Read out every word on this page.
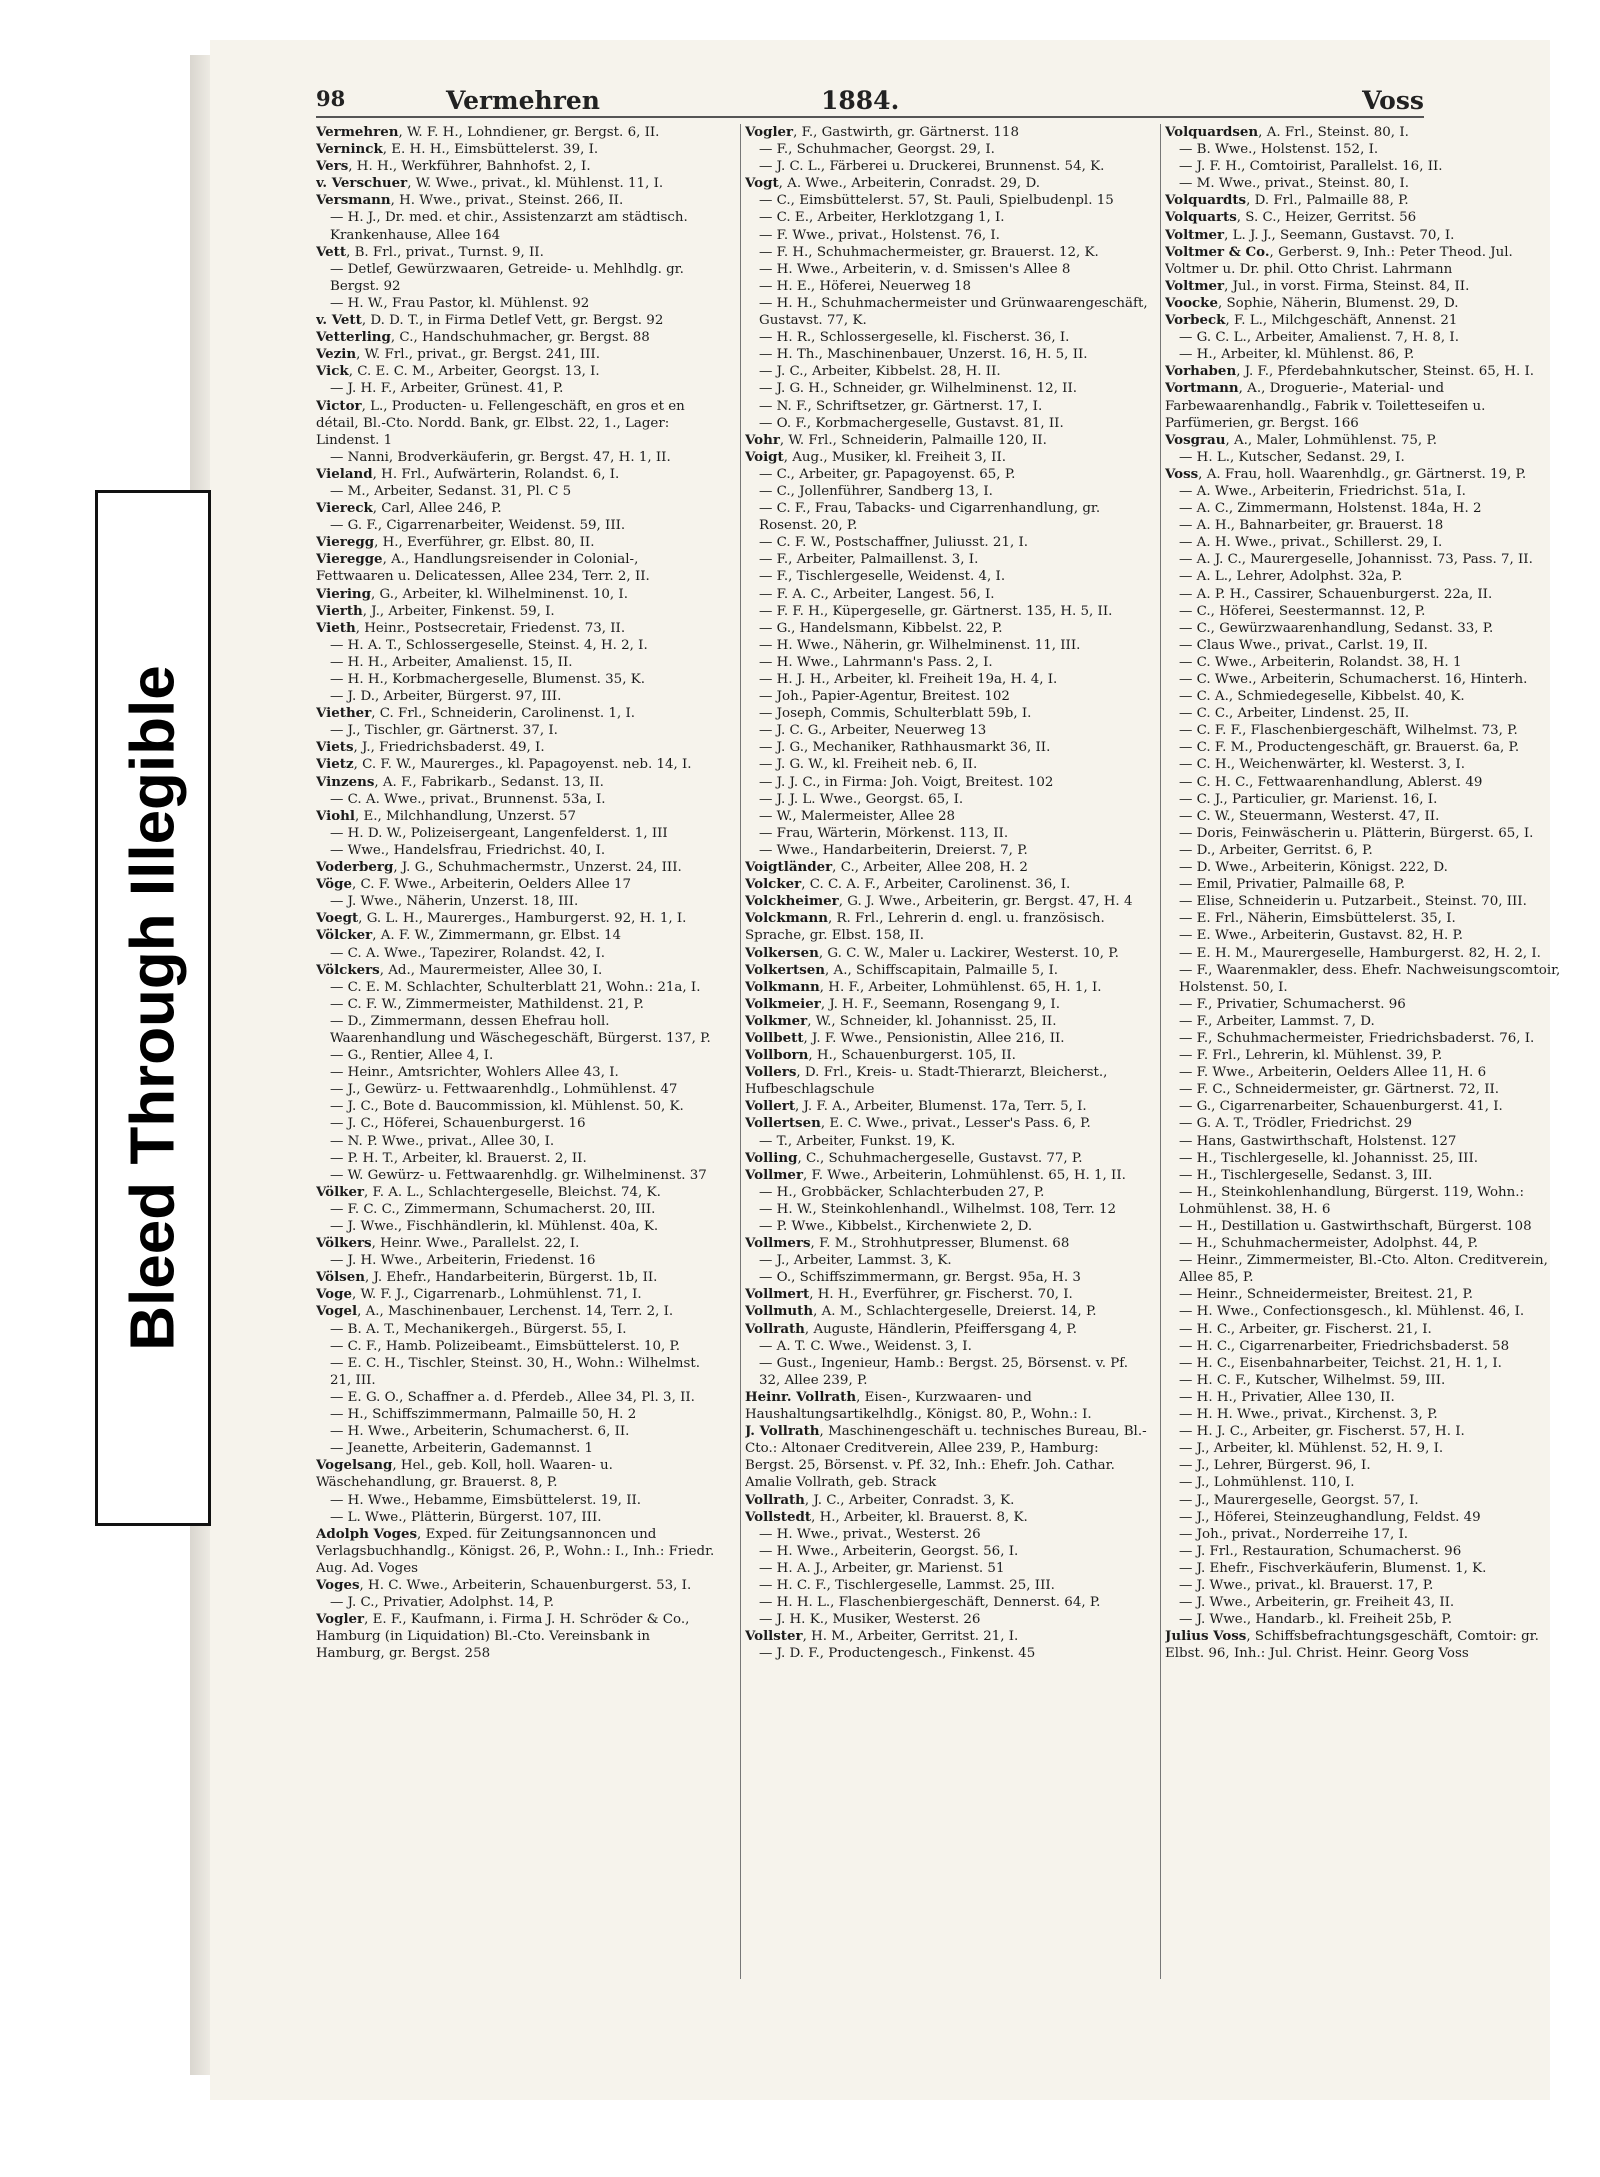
Bleed Through Illegible
98	Vermehren	1884.	Voss

Vermehren, W. F. H., Lohndiener, gr. Bergst. 6, II.

Verninck, E. H. H., Eimsbüttelerst. 39, I.

Vers, H. H., Werkführer, Bahnhofst. 2, I.

v. Verschuer, W. Wwe., privat., kl. Mühlenst. 11, I.

Versmann, H. Wwe., privat., Steinst. 266, II.

— H. J., Dr. med. et chir., Assistenzarzt am städtisch. Krankenhause, Allee 164

Vett, B. Frl., privat., Turnst. 9, II.

— Detlef, Gewürzwaaren, Getreide- u. Mehlhdlg. gr. Bergst. 92

— H. W., Frau Pastor, kl. Mühlenst. 92

v. Vett, D. D. T., in Firma Detlef Vett, gr. Bergst. 92

Vetterling, C., Handschuhmacher, gr. Bergst. 88

Vezin, W. Frl., privat., gr. Bergst. 241, III.

Vick, C. E. C. M., Arbeiter, Georgst. 13, I.

— J. H. F., Arbeiter, Grünest. 41, P.

Victor, L., Producten- u. Fellengeschäft, en gros et en détail, Bl.-Cto. Nordd. Bank, gr. Elbst. 22, 1., Lager: Lindenst. 1

— Nanni, Brodverkäuferin, gr. Bergst. 47, H. 1, II.

Vieland, H. Frl., Aufwärterin, Rolandst. 6, I.

— M., Arbeiter, Sedanst. 31, Pl. C 5

Viereck, Carl, Allee 246, P.

— G. F., Cigarrenarbeiter, Weidenst. 59, III.

Vieregg, H., Everführer, gr. Elbst. 80, II.

Vieregge, A., Handlungsreisender in Colonial-, Fettwaaren u. Delicatessen, Allee 234, Terr. 2, II.

Viering, G., Arbeiter, kl. Wilhelminenst. 10, I.

Vierth, J., Arbeiter, Finkenst. 59, I.

Vieth, Heinr., Postsecretair, Friedenst. 73, II.

— H. A. T., Schlossergeselle, Steinst. 4, H. 2, I.

— H. H., Arbeiter, Amalienst. 15, II.

— H. H., Korbmachergeselle, Blumenst. 35, K.

— J. D., Arbeiter, Bürgerst. 97, III.

Viether, C. Frl., Schneiderin, Carolinenst. 1, I.

— J., Tischler, gr. Gärtnerst. 37, I.

Viets, J., Friedrichsbaderst. 49, I.

Vietz, C. F. W., Maurerges., kl. Papagoyenst. neb. 14, I.

Vinzens, A. F., Fabrikarb., Sedanst. 13, II.

— C. A. Wwe., privat., Brunnenst. 53a, I.

Viohl, E., Milchhandlung, Unzerst. 57

— H. D. W., Polizeisergeant, Langenfelderst. 1, III

— Wwe., Handelsfrau, Friedrichst. 40, I.

Voderberg, J. G., Schuhmachermstr., Unzerst. 24, III.

Vöge, C. F. Wwe., Arbeiterin, Oelders Allee 17

— J. Wwe., Näherin, Unzerst. 18, III.

Voegt, G. L. H., Maurerges., Hamburgerst. 92, H. 1, I.

Völcker, A. F. W., Zimmermann, gr. Elbst. 14

— C. A. Wwe., Tapezirer, Rolandst. 42, I.

Völckers, Ad., Maurermeister, Allee 30, I.

— C. E. M. Schlachter, Schulterblatt 21, Wohn.: 21a, I.

— C. F. W., Zimmermeister, Mathildenst. 21, P.

— D., Zimmermann, dessen Ehefrau holl. Waarenhandlung und Wäschegeschäft, Bürgerst. 137, P.

— G., Rentier, Allee 4, I.

— Heinr., Amtsrichter, Wohlers Allee 43, I.

— J., Gewürz- u. Fettwaarenhdlg., Lohmühlenst. 47

— J. C., Bote d. Baucommission, kl. Mühlenst. 50, K.

— J. C., Höferei, Schauenburgerst. 16

— N. P. Wwe., privat., Allee 30, I.

— P. H. T., Arbeiter, kl. Brauerst. 2, II.

— W. Gewürz- u. Fettwaarenhdlg. gr. Wilhelminenst. 37

Völker, F. A. L., Schlachtergeselle, Bleichst. 74, K.

— F. C. C., Zimmermann, Schumacherst. 20, III.

— J. Wwe., Fischhändlerin, kl. Mühlenst. 40a, K.

Völkers, Heinr. Wwe., Parallelst. 22, I.

— J. H. Wwe., Arbeiterin, Friedenst. 16

Völsen, J. Ehefr., Handarbeiterin, Bürgerst. 1b, II.

Voge, W. F. J., Cigarrenarb., Lohmühlenst. 71, I.

Vogel, A., Maschinenbauer, Lerchenst. 14, Terr. 2, I.

— B. A. T., Mechanikergeh., Bürgerst. 55, I.

— C. F., Hamb. Polizeibeamt., Eimsbüttelerst. 10, P.

— E. C. H., Tischler, Steinst. 30, H., Wohn.: Wilhelmst. 21, III.

— E. G. O., Schaffner a. d. Pferdeb., Allee 34, Pl. 3, II.

— H., Schiffszimmermann, Palmaille 50, H. 2

— H. Wwe., Arbeiterin, Schumacherst. 6, II.

— Jeanette, Arbeiterin, Gademannst. 1

Vogelsang, Hel., geb. Koll, holl. Waaren- u. Wäschehandlung, gr. Brauerst. 8, P.

— H. Wwe., Hebamme, Eimsbüttelerst. 19, II.

— L. Wwe., Plätterin, Bürgerst. 107, III.

Adolph Voges, Exped. für Zeitungsannoncen und Verlagsbuchhandlg., Königst. 26, P., Wohn.: I., Inh.: Friedr. Aug. Ad. Voges

Voges, H. C. Wwe., Arbeiterin, Schauenburgerst. 53, I.

— J. C., Privatier, Adolphst. 14, P.

Vogler, E. F., Kaufmann, i. Firma J. H. Schröder & Co., Hamburg (in Liquidation) Bl.-Cto. Vereinsbank in Hamburg, gr. Bergst. 258

Vogler, F., Gastwirth, gr. Gärtnerst. 118

— F., Schuhmacher, Georgst. 29, I.

— J. C. L., Färberei u. Druckerei, Brunnenst. 54, K.

Vogt, A. Wwe., Arbeiterin, Conradst. 29, D.

— C., Eimsbüttelerst. 57, St. Pauli, Spielbudenpl. 15

— C. E., Arbeiter, Herklotzgang 1, I.

— F. Wwe., privat., Holstenst. 76, I.

— F. H., Schuhmachermeister, gr. Brauerst. 12, K.

— H. Wwe., Arbeiterin, v. d. Smissen's Allee 8

— H. E., Höferei, Neuerweg 18

— H. H., Schuhmachermeister und Grünwaarengeschäft, Gustavst. 77, K.

— H. R., Schlossergeselle, kl. Fischerst. 36, I.

— H. Th., Maschinenbauer, Unzerst. 16, H. 5, II.

— J. C., Arbeiter, Kibbelst. 28, H. II.

— J. G. H., Schneider, gr. Wilhelminenst. 12, II.

— N. F., Schriftsetzer, gr. Gärtnerst. 17, I.

— O. F., Korbmachergeselle, Gustavst. 81, II.

Vohr, W. Frl., Schneiderin, Palmaille 120, II.

Voigt, Aug., Musiker, kl. Freiheit 3, II.

— C., Arbeiter, gr. Papagoyenst. 65, P.

— C., Jollenführer, Sandberg 13, I.

— C. F., Frau, Tabacks- und Cigarrenhandlung, gr. Rosenst. 20, P.

— C. F. W., Postschaffner, Juliusst. 21, I.

— F., Arbeiter, Palmaillenst. 3, I.

— F., Tischlergeselle, Weidenst. 4, I.

— F. A. C., Arbeiter, Langest. 56, I.

— F. F. H., Küpergeselle, gr. Gärtnerst. 135, H. 5, II.

— G., Handelsmann, Kibbelst. 22, P.

— H. Wwe., Näherin, gr. Wilhelminenst. 11, III.

— H. Wwe., Lahrmann's Pass. 2, I.

— H. J. H., Arbeiter, kl. Freiheit 19a, H. 4, I.

— Joh., Papier-Agentur, Breitest. 102

— Joseph, Commis, Schulterblatt 59b, I.

— J. C. G., Arbeiter, Neuerweg 13

— J. G., Mechaniker, Rathhausmarkt 36, II.

— J. G. W., kl. Freiheit neb. 6, II.

— J. J. C., in Firma: Joh. Voigt, Breitest. 102

— J. J. L. Wwe., Georgst. 65, I.

— W., Malermeister, Allee 28

— Frau, Wärterin, Mörkenst. 113, II.

— Wwe., Handarbeiterin, Dreierst. 7, P.

Voigtländer, C., Arbeiter, Allee 208, H. 2

Volcker, C. C. A. F., Arbeiter, Carolinenst. 36, I.

Volckheimer, G. J. Wwe., Arbeiterin, gr. Bergst. 47, H. 4

Volckmann, R. Frl., Lehrerin d. engl. u. französisch. Sprache, gr. Elbst. 158, II.

Volkersen, G. C. W., Maler u. Lackirer, Westerst. 10, P.

Volkertsen, A., Schiffscapitain, Palmaille 5, I.

Volkmann, H. F., Arbeiter, Lohmühlenst. 65, H. 1, I.

Volkmeier, J. H. F., Seemann, Rosengang 9, I.

Volkmer, W., Schneider, kl. Johannisst. 25, II.

Vollbett, J. F. Wwe., Pensionistin, Allee 216, II.

Vollborn, H., Schauenburgerst. 105, II.

Vollers, D. Frl., Kreis- u. Stadt-Thierarzt, Bleicherst., Hufbeschlagschule

Vollert, J. F. A., Arbeiter, Blumenst. 17a, Terr. 5, I.

Vollertsen, E. C. Wwe., privat., Lesser's Pass. 6, P.

— T., Arbeiter, Funkst. 19, K.

Volling, C., Schuhmachergeselle, Gustavst. 77, P.

Vollmer, F. Wwe., Arbeiterin, Lohmühlenst. 65, H. 1, II.

— H., Grobbäcker, Schlachterbuden 27, P.

— H. W., Steinkohlenhandl., Wilhelmst. 108, Terr. 12

— P. Wwe., Kibbelst., Kirchenwiete 2, D.

Vollmers, F. M., Strohhutpresser, Blumenst. 68

— J., Arbeiter, Lammst. 3, K.

— O., Schiffszimmermann, gr. Bergst. 95a, H. 3

Vollmert, H. H., Everführer, gr. Fischerst. 70, I.

Vollmuth, A. M., Schlachtergeselle, Dreierst. 14, P.

Vollrath, Auguste, Händlerin, Pfeiffersgang 4, P.

— A. T. C. Wwe., Weidenst. 3, I.

— Gust., Ingenieur, Hamb.: Bergst. 25, Börsenst. v. Pf. 32, Allee 239, P.

Heinr. Vollrath, Eisen-, Kurzwaaren- und Haushaltungsartikelhdlg., Königst. 80, P., Wohn.: I.

J. Vollrath, Maschinengeschäft u. technisches Bureau, Bl.-Cto.: Altonaer Creditverein, Allee 239, P., Hamburg: Bergst. 25, Börsenst. v. Pf. 32, Inh.: Ehefr. Joh. Cathar. Amalie Vollrath, geb. Strack

Vollrath, J. C., Arbeiter, Conradst. 3, K.

Vollstedt, H., Arbeiter, kl. Brauerst. 8, K.

— H. Wwe., privat., Westerst. 26

— H. Wwe., Arbeiterin, Georgst. 56, I.

— H. A. J., Arbeiter, gr. Marienst. 51

— H. C. F., Tischlergeselle, Lammst. 25, III.

— H. H. L., Flaschenbiergeschäft, Dennerst. 64, P.

— J. H. K., Musiker, Westerst. 26

Vollster, H. M., Arbeiter, Gerritst. 21, I.

— J. D. F., Productengesch., Finkenst. 45

Volquardsen, A. Frl., Steinst. 80, I.

— B. Wwe., Holstenst. 152, I.

— J. F. H., Comtoirist, Parallelst. 16, II.

— M. Wwe., privat., Steinst. 80, I.

Volquardts, D. Frl., Palmaille 88, P.

Volquarts, S. C., Heizer, Gerritst. 56

Voltmer, L. J. J., Seemann, Gustavst. 70, I.

Voltmer & Co., Gerberst. 9, Inh.: Peter Theod. Jul. Voltmer u. Dr. phil. Otto Christ. Lahrmann

Voltmer, Jul., in vorst. Firma, Steinst. 84, II.

Voocke, Sophie, Näherin, Blumenst. 29, D.

Vorbeck, F. L., Milchgeschäft, Annenst. 21

— G. C. L., Arbeiter, Amalienst. 7, H. 8, I.

— H., Arbeiter, kl. Mühlenst. 86, P.

Vorhaben, J. F., Pferdebahnkutscher, Steinst. 65, H. I.

Vortmann, A., Droguerie-, Material- und Farbewaarenhandlg., Fabrik v. Toiletteseifen u. Parfümerien, gr. Bergst. 166

Vosgrau, A., Maler, Lohmühlenst. 75, P.

— H. L., Kutscher, Sedanst. 29, I.

Voss, A. Frau, holl. Waarenhdlg., gr. Gärtnerst. 19, P.

— A. Wwe., Arbeiterin, Friedrichst. 51a, I.

— A. C., Zimmermann, Holstenst. 184a, H. 2

— A. H., Bahnarbeiter, gr. Brauerst. 18

— A. H. Wwe., privat., Schillerst. 29, I.

— A. J. C., Maurergeselle, Johannisst. 73, Pass. 7, II.

— A. L., Lehrer, Adolphst. 32a, P.

— A. P. H., Cassirer, Schauenburgerst. 22a, II.

— C., Höferei, Seestermannst. 12, P.

— C., Gewürzwaarenhandlung, Sedanst. 33, P.

— Claus Wwe., privat., Carlst. 19, II.

— C. Wwe., Arbeiterin, Rolandst. 38, H. 1

— C. Wwe., Arbeiterin, Schumacherst. 16, Hinterh.

— C. A., Schmiedegeselle, Kibbelst. 40, K.

— C. C., Arbeiter, Lindenst. 25, II.

— C. F. F., Flaschenbiergeschäft, Wilhelmst. 73, P.

— C. F. M., Productengeschäft, gr. Brauerst. 6a, P.

— C. H., Weichenwärter, kl. Westerst. 3, I.

— C. H. C., Fettwaarenhandlung, Ablerst. 49

— C. J., Particulier, gr. Marienst. 16, I.

— C. W., Steuermann, Westerst. 47, II.

— Doris, Feinwäscherin u. Plätterin, Bürgerst. 65, I.

— D., Arbeiter, Gerritst. 6, P.

— D. Wwe., Arbeiterin, Königst. 222, D.

— Emil, Privatier, Palmaille 68, P.

— Elise, Schneiderin u. Putzarbeit., Steinst. 70, III.

— E. Frl., Näherin, Eimsbüttelerst. 35, I.

— E. Wwe., Arbeiterin, Gustavst. 82, H. P.

— E. H. M., Maurergeselle, Hamburgerst. 82, H. 2, I.

— F., Waarenmakler, dess. Ehefr. Nachweisungscomtoir, Holstenst. 50, I.

— F., Privatier, Schumacherst. 96

— F., Arbeiter, Lammst. 7, D.

— F., Schuhmachermeister, Friedrichsbaderst. 76, I.

— F. Frl., Lehrerin, kl. Mühlenst. 39, P.

— F. Wwe., Arbeiterin, Oelders Allee 11, H. 6

— F. C., Schneidermeister, gr. Gärtnerst. 72, II.

— G., Cigarrenarbeiter, Schauenburgerst. 41, I.

— G. A. T., Trödler, Friedrichst. 29

— Hans, Gastwirthschaft, Holstenst. 127

— H., Tischlergeselle, kl. Johannisst. 25, III.

— H., Tischlergeselle, Sedanst. 3, III.

— H., Steinkohlenhandlung, Bürgerst. 119, Wohn.: Lohmühlenst. 38, H. 6

— H., Destillation u. Gastwirthschaft, Bürgerst. 108

— H., Schuhmachermeister, Adolphst. 44, P.

— Heinr., Zimmermeister, Bl.-Cto. Alton. Creditverein, Allee 85, P.

— Heinr., Schneidermeister, Breitest. 21, P.

— H. Wwe., Confectionsgesch., kl. Mühlenst. 46, I.

— H. C., Arbeiter, gr. Fischerst. 21, I.

— H. C., Cigarrenarbeiter, Friedrichsbaderst. 58

— H. C., Eisenbahnarbeiter, Teichst. 21, H. 1, I.

— H. C. F., Kutscher, Wilhelmst. 59, III.

— H. H., Privatier, Allee 130, II.

— H. H. Wwe., privat., Kirchenst. 3, P.

— H. J. C., Arbeiter, gr. Fischerst. 57, H. I.

— J., Arbeiter, kl. Mühlenst. 52, H. 9, I.

— J., Lehrer, Bürgerst. 96, I.

— J., Lohmühlenst. 110, I.

— J., Maurergeselle, Georgst. 57, I.

— J., Höferei, Steinzeughandlung, Feldst. 49

— Joh., privat., Norderreihe 17, I.

— J. Frl., Restauration, Schumacherst. 96

— J. Ehefr., Fischverkäuferin, Blumenst. 1, K.

— J. Wwe., privat., kl. Brauerst. 17, P.

— J. Wwe., Arbeiterin, gr. Freiheit 43, II.

— J. Wwe., Handarb., kl. Freiheit 25b, P.

Julius Voss, Schiffsbefrachtungsgeschäft, Comtoir: gr. Elbst. 96, Inh.: Jul. Christ. Heinr. Georg Voss
